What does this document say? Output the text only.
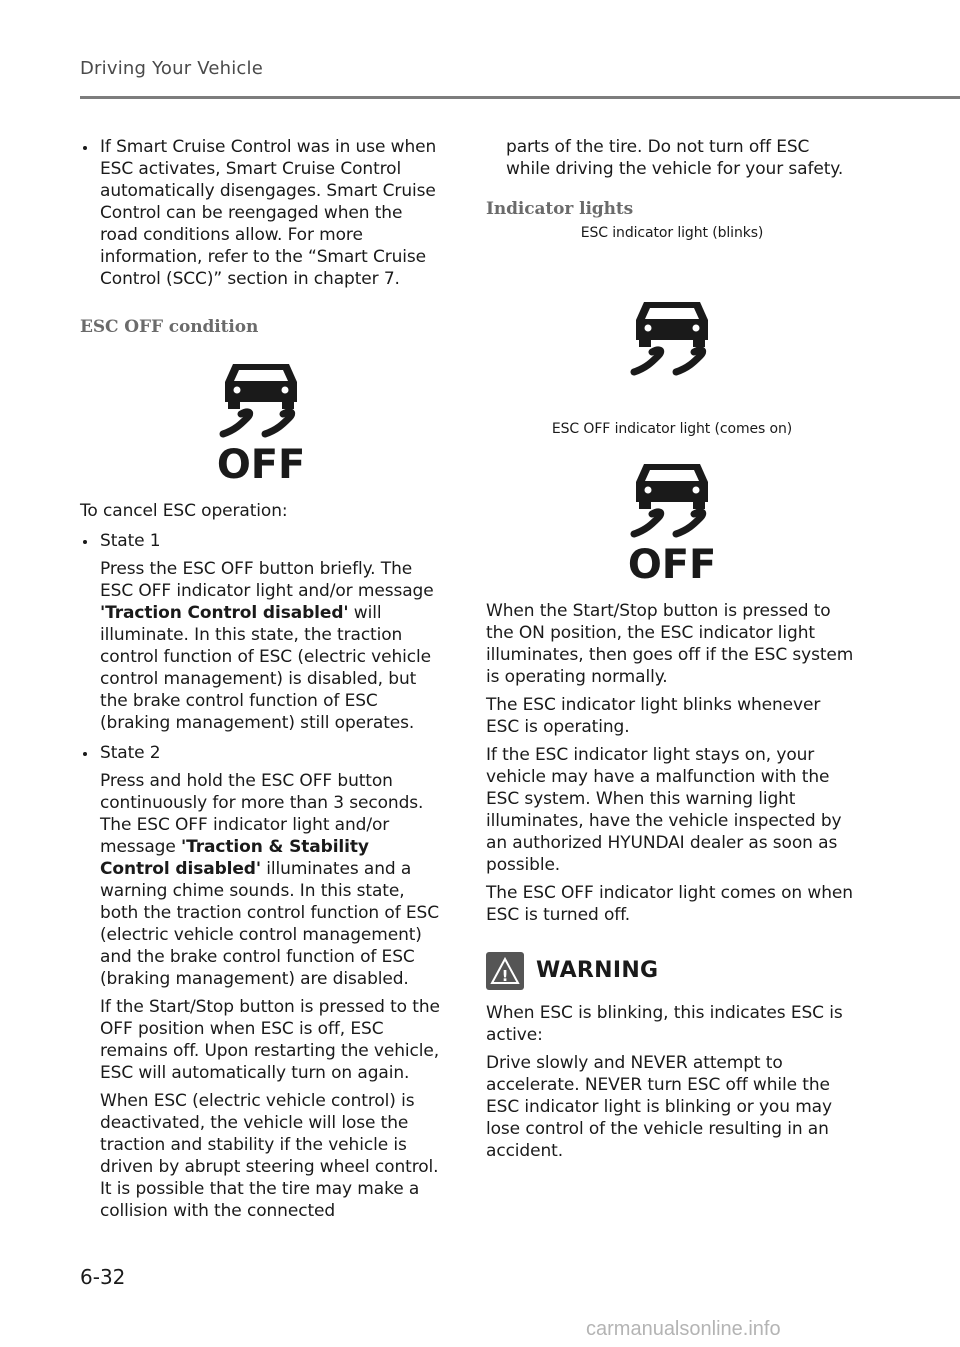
Driving Your Vehicle
If Smart Cruise Control was in use when ESC activates, Smart Cruise Control automatically disengages. Smart Cruise Control can be reengaged when the road conditions allow. For more information, refer to the “Smart Cruise Control (SCC)” section in chapter 7.
ESC OFF condition
OFF
To cancel ESC operation:
State 1
Press the ESC OFF button briefly. The ESC OFF indicator light and/or message 'Traction Control disabled' will illuminate. In this state, the traction control function of ESC (electric vehicle control management) is disabled, but the brake control function of ESC (braking management) still operates.
State 2
Press and hold the ESC OFF button continuously for more than 3 seconds. The ESC OFF indicator light and/or message 'Traction & Stability Control disabled' illuminates and a warning chime sounds. In this state, both the traction control function of ESC (electric vehicle control management) and the brake control function of ESC (braking management) are disabled.
If the Start/Stop button is pressed to the OFF position when ESC is off, ESC remains off. Upon restarting the vehicle, ESC will automatically turn on again.
When ESC (electric vehicle control) is deactivated, the vehicle will lose the traction and stability if the vehicle is driven by abrupt steering wheel control. It is possible that the tire may make a collision with the connected
parts of the tire. Do not turn off ESC while driving the vehicle for your safety.
Indicator lights
ESC indicator light (blinks)
ESC OFF indicator light (comes on)
OFF
When the Start/Stop button is pressed to the ON position, the ESC indicator light illuminates, then goes off if the ESC system is operating normally.
The ESC indicator light blinks whenever ESC is operating.
If the ESC indicator light stays on, your vehicle may have a malfunction with the ESC system. When this warning light illuminates, have the vehicle inspected by an authorized HYUNDAI dealer as soon as possible.
The ESC OFF indicator light comes on when ESC is turned off.
! WARNING
When ESC is blinking, this indicates ESC is active:
Drive slowly and NEVER attempt to accelerate. NEVER turn ESC off while the ESC indicator light is blinking or you may lose control of the vehicle resulting in an accident.
6-32
carmanualsonline.info
